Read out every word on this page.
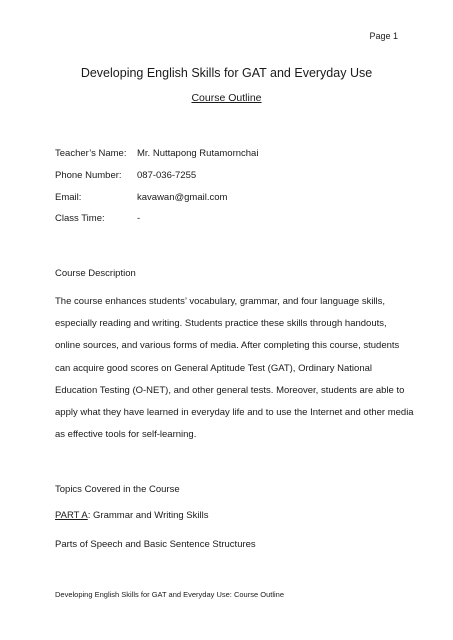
Page 1
Developing English Skills for GAT and Everyday Use
Course Outline
Teacher’s Name: Mr. Nuttapong Rutamornchai
Phone Number: 087-036-7255
Email:	kavawan@gmail.com
Class Time:	-
Course Description
The course enhances students’ vocabulary, grammar, and four language skills,
especially reading and writing. Students practice these skills through handouts,
online sources, and various forms of media. After completing this course, students
can acquire good scores on General Aptitude Test (GAT), Ordinary National
Education Testing (O-NET), and other general tests. Moreover, students are able to
apply what they have learned in everyday life and to use the Internet and other media
as effective tools for self-learning.
Topics Covered in the Course
PART A: Grammar and Writing Skills
Parts of Speech and Basic Sentence Structures
Developing English Skills for GAT and Everyday Use: Course Outline
